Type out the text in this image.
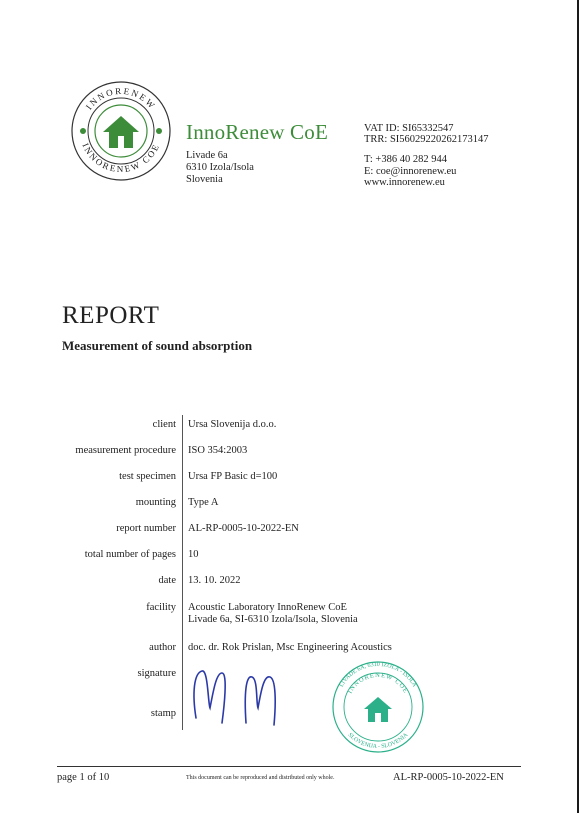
INNORENEW
INNORENEW COE
InnoRenew CoE
Livade 6a
6310 Izola/Isola
Slovenia
VAT ID: SI65332547
TRR: SI56029220262173147
T: +386 40 282 944
E: coe@innorenew.eu
www.innorenew.eu
REPORT
Measurement of sound absorption
client Ursa Slovenija d.o.o.
measurement procedure ISO 354:2003
test specimen Ursa FP Basic d=100
mounting Type A
report number AL-RP-0005-10-2022-EN
total number of pages 10
date 13. 10. 2022
facility Acoustic Laboratory InnoRenew CoE
Livade 6a, SI-6310 Izola/Isola, Slovenia
author doc. dr. Rok Prislan, Msc Engineering Acoustics
signature
stamp
LIVADE 6A, 6310 IZOLA - ISOLA
INNORENEW COE
SLOVENIJA - SLOVENIA
page 1 of 10	This document can be reproduced and distributed only whole.	AL-RP-0005-10-2022-EN
